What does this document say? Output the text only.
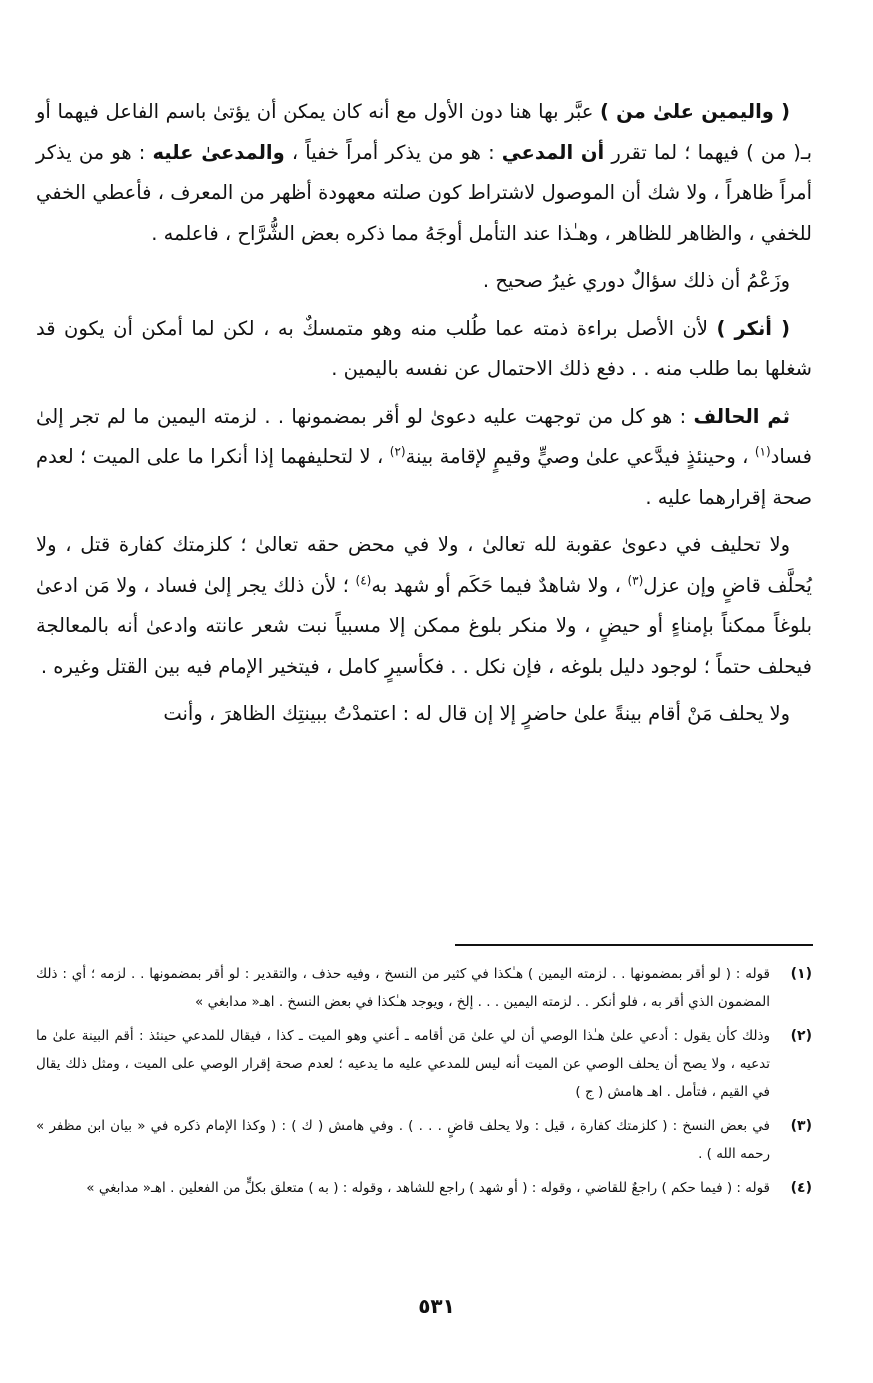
( واليمين علىٰ من ) عبَّر بها هنا دون الأول مع أنه كان يمكن أن يؤتىٰ باسم الفاعل فيهما أو بـ( من ) فيهما ؛ لما تقرر أن المدعي : هو من يذكر أمراً خفياً ، والمدعىٰ عليه : هو من يذكر أمراً ظاهراً ، ولا شك أن الموصول لاشتراط كون صلته معهودة أظهر من المعرف ، فأعطي الخفي للخفي ، والظاهر للظاهر ، وهـٰذا عند التأمل أوجَهُ مما ذكره بعض الشُّرَّاح ، فاعلمه .

وزَعْمُ أن ذلك سؤالٌ دوري غيرُ صحيح .

( أنكر ) لأن الأصل براءة ذمته عما طُلب منه وهو متمسكٌ به ، لكن لما أمكن أن يكون قد شغلها بما طلب منه . . دفع ذلك الاحتمال عن نفسه باليمين .

ثم الحالف : هو كل من توجهت عليه دعوىٰ لو أقر بمضمونها . . لزمته اليمين ما لم تجر إلىٰ فساد$^{(١)}$ ، وحينئذٍ فيدَّعي علىٰ وصيٍّ وقيمٍ لإقامة بينة$^{(٢)}$ ، لا لتحليفهما إذا أنكرا ما على الميت ؛ لعدم صحة إقرارهما عليه .

ولا تحليف في دعوىٰ عقوبة لله تعالىٰ ، ولا في محض حقه تعالىٰ ؛ كلزمتك كفارة قتل ، ولا يُحلَّف قاضٍ وإن عزل$^{(٣)}$ ، ولا شاهدٌ فيما حَكَم أو شهد به$^{(٤)}$ ؛ لأن ذلك يجر إلىٰ فساد ، ولا مَن ادعىٰ بلوغاً ممكناً بإمناءٍ أو حيضٍ ، ولا منكر بلوغ ممكن إلا مسبياً نبت شعر عانته وادعىٰ أنه بالمعالجة فيحلف حتماً ؛ لوجود دليل بلوغه ، فإن نكل . . فكأسيرٍ كامل ، فيتخير الإمام فيه بين القتل وغيره .

ولا يحلف مَنْ أقام بينةً علىٰ حاضرٍ إلا إن قال له : اعتمدْتُ ببينتِك الظاهرَ ، وأنت

(١)
قوله : ( لو أقر بمضمونها . . لزمته اليمين ) هـٰكذا في كثير من النسخ ، وفيه حذف ، والتقدير : لو أقر بمضمونها . . لزمه ؛ أي : ذلك المضمون الذي أقر به ، فلو أنكر . . لزمته اليمين . . . إلخ ، ويوجد هـٰكذا في بعض النسخ . اهـ« مدابغي »
(٢)
وذلك كأن يقول : أدعي علىٰ هـٰذا الوصي أن لي علىٰ مَن أقامه ـ أعني وهو الميت ـ كذا ، فيقال للمدعي حينئذ : أقم البينة علىٰ ما تدعيه ، ولا يصح أن يحلف الوصي عن الميت أنه ليس للمدعي عليه ما يدعيه ؛ لعدم صحة إقرار الوصي على الميت ، ومثل ذلك يقال في القيم ، فتأمل . اهـ هامش ( ج )
(٣)
في بعض النسخ : ( كلزمتك كفارة ، قيل : ولا يحلف قاضٍ . . . ) . وفي هامش ( ك ) : ( وكذا الإمام ذكره في « بيان ابن مظفر » رحمه الله ) .
(٤)
قوله : ( فيما حكم ) راجعٌ للقاضي ، وقوله : ( أو شهد ) راجع للشاهد ، وقوله : ( به ) متعلق بكلٍّ من الفعلين . اهـ« مدابغي »
٥٣١
